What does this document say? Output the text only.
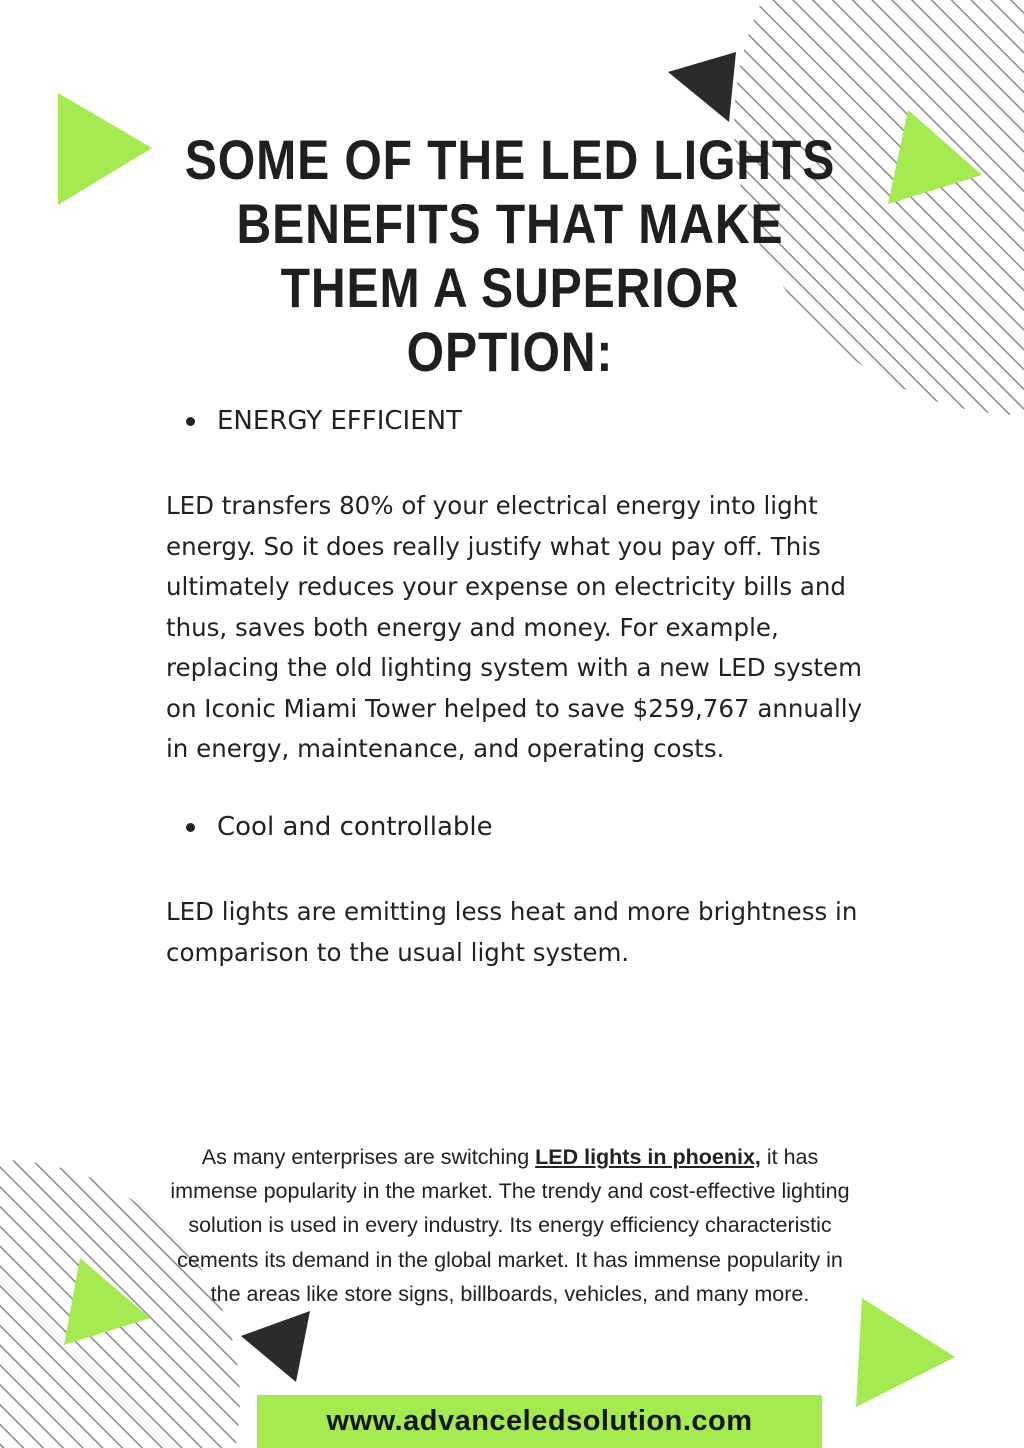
SOME OF THE LED LIGHTS BENEFITS THAT MAKE THEM A SUPERIOR OPTION:
ENERGY EFFICIENT

LED transfers 80% of your electrical energy into light energy. So it does really justify what you pay off. This ultimately reduces your expense on electricity bills and thus, saves both energy and money. For example, replacing the old lighting system with a new LED system on Iconic Miami Tower helped to save $259,767 annually in energy, maintenance, and operating costs.

Cool and controllable

LED lights are emitting less heat and more brightness in comparison to the usual light system.

As many enterprises are switching LED lights in phoenix, it has immense popularity in the market. The trendy and cost-effective lighting solution is used in every industry. Its energy efficiency characteristic cements its demand in the global market. It has immense popularity in the areas like store signs, billboards, vehicles, and many more.

www.advanceledsolution.com
